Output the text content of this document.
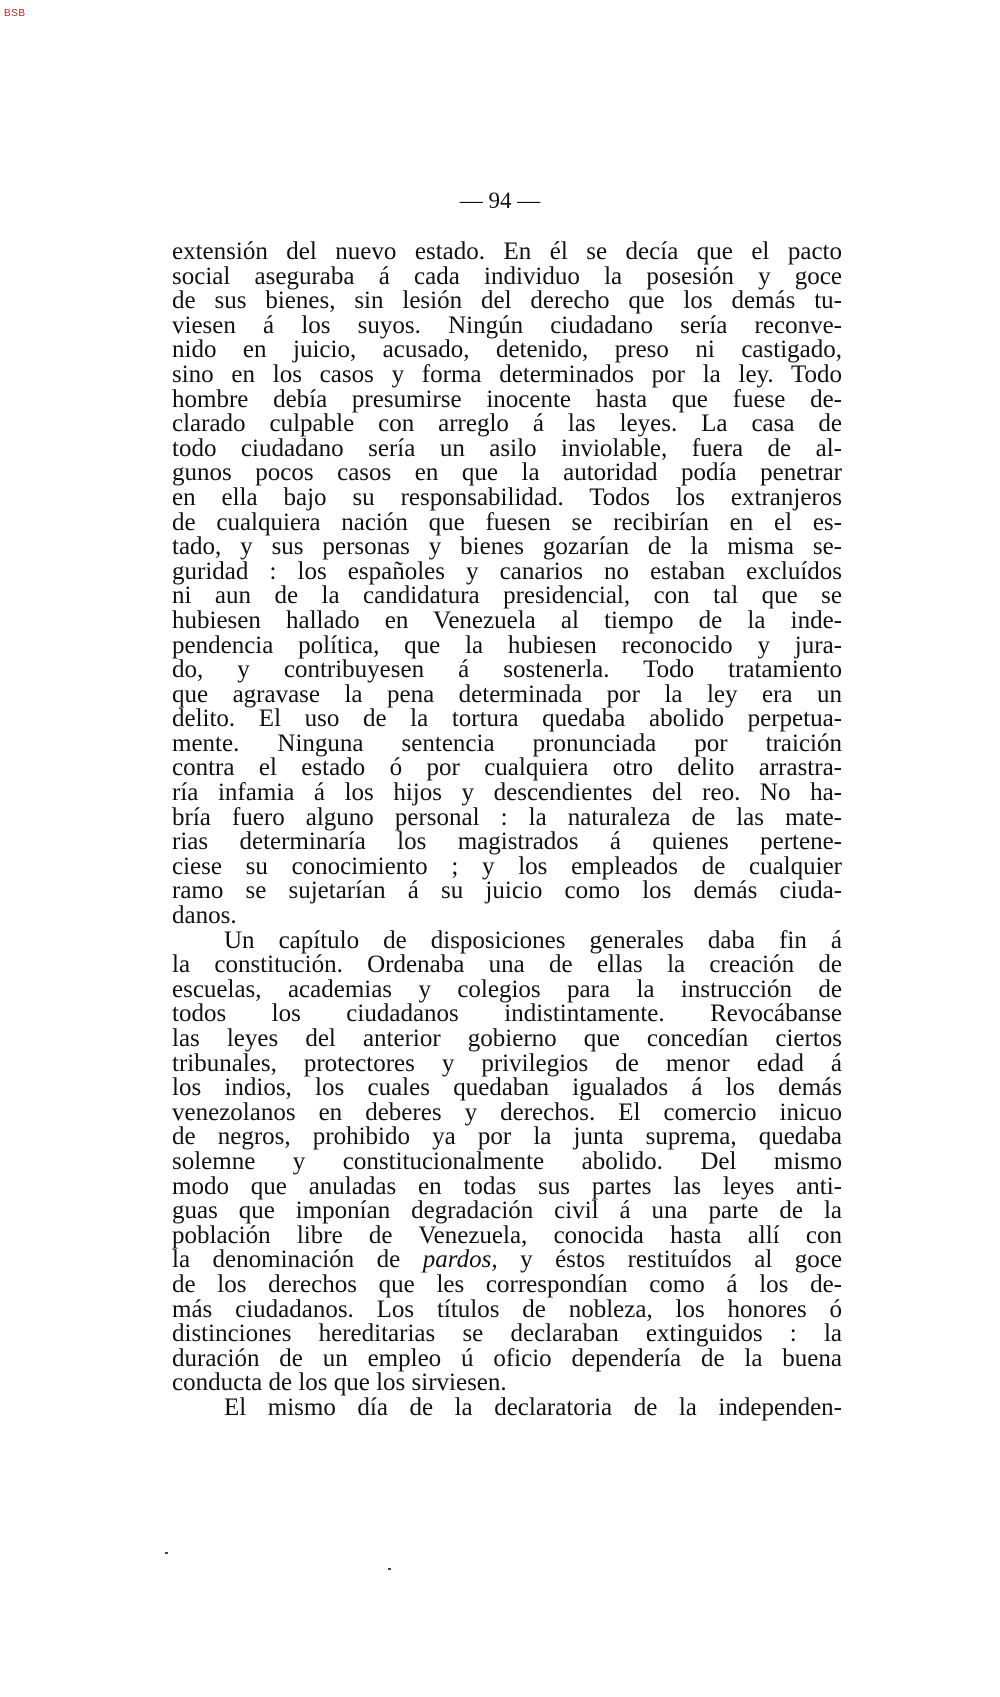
BSB
— 94 —
extensión del nuevo estado. En él se decía que el pacto
social aseguraba á cada individuo la posesión y goce
de sus bienes, sin lesión del derecho que los demás tu-
viesen á los suyos. Ningún ciudadano sería reconve-
nido en juicio, acusado, detenido, preso ni castigado,
sino en los casos y forma determinados por la ley. Todo
hombre debía presumirse inocente hasta que fuese de-
clarado culpable con arreglo á las leyes. La casa de
todo ciudadano sería un asilo inviolable, fuera de al-
gunos pocos casos en que la autoridad podía penetrar
en ella bajo su responsabilidad. Todos los extranjeros
de cualquiera nación que fuesen se recibirían en el es-
tado, y sus personas y bienes gozarían de la misma se-
guridad : los españoles y canarios no estaban excluídos
ni aun de la candidatura presidencial, con tal que se
hubiesen hallado en Venezuela al tiempo de la inde-
pendencia política, que la hubiesen reconocido y jura-
do, y contribuyesen á sostenerla. Todo tratamiento
que agravase la pena determinada por la ley era un
delito. El uso de la tortura quedaba abolido perpetua-
mente. Ninguna sentencia pronunciada por traición
contra el estado ó por cualquiera otro delito arrastra-
ría infamia á los hijos y descendientes del reo. No ha-
bría fuero alguno personal : la naturaleza de las mate-
rias determinaría los magistrados á quienes pertene-
ciese su conocimiento ; y los empleados de cualquier
ramo se sujetarían á su juicio como los demás ciuda-
danos.
Un capítulo de disposiciones generales daba fin á
la constitución. Ordenaba una de ellas la creación de
escuelas, academias y colegios para la instrucción de
todos los ciudadanos indistintamente. Revocábanse
las leyes del anterior gobierno que concedían ciertos
tribunales, protectores y privilegios de menor edad á
los indios, los cuales quedaban igualados á los demás
venezolanos en deberes y derechos. El comercio inicuo
de negros, prohibido ya por la junta suprema, quedaba
solemne y constitucionalmente abolido. Del mismo
modo que anuladas en todas sus partes las leyes anti-
guas que imponían degradación civil á una parte de la
población libre de Venezuela, conocida hasta allí con
la denominación de pardos, y éstos restituídos al goce
de los derechos que les correspondían como á los de-
más ciudadanos. Los títulos de nobleza, los honores ó
distinciones hereditarias se declaraban extinguidos : la
duración de un empleo ú oficio dependería de la buena
conducta de los que los sirviesen.
El mismo día de la declaratoria de la independen-
